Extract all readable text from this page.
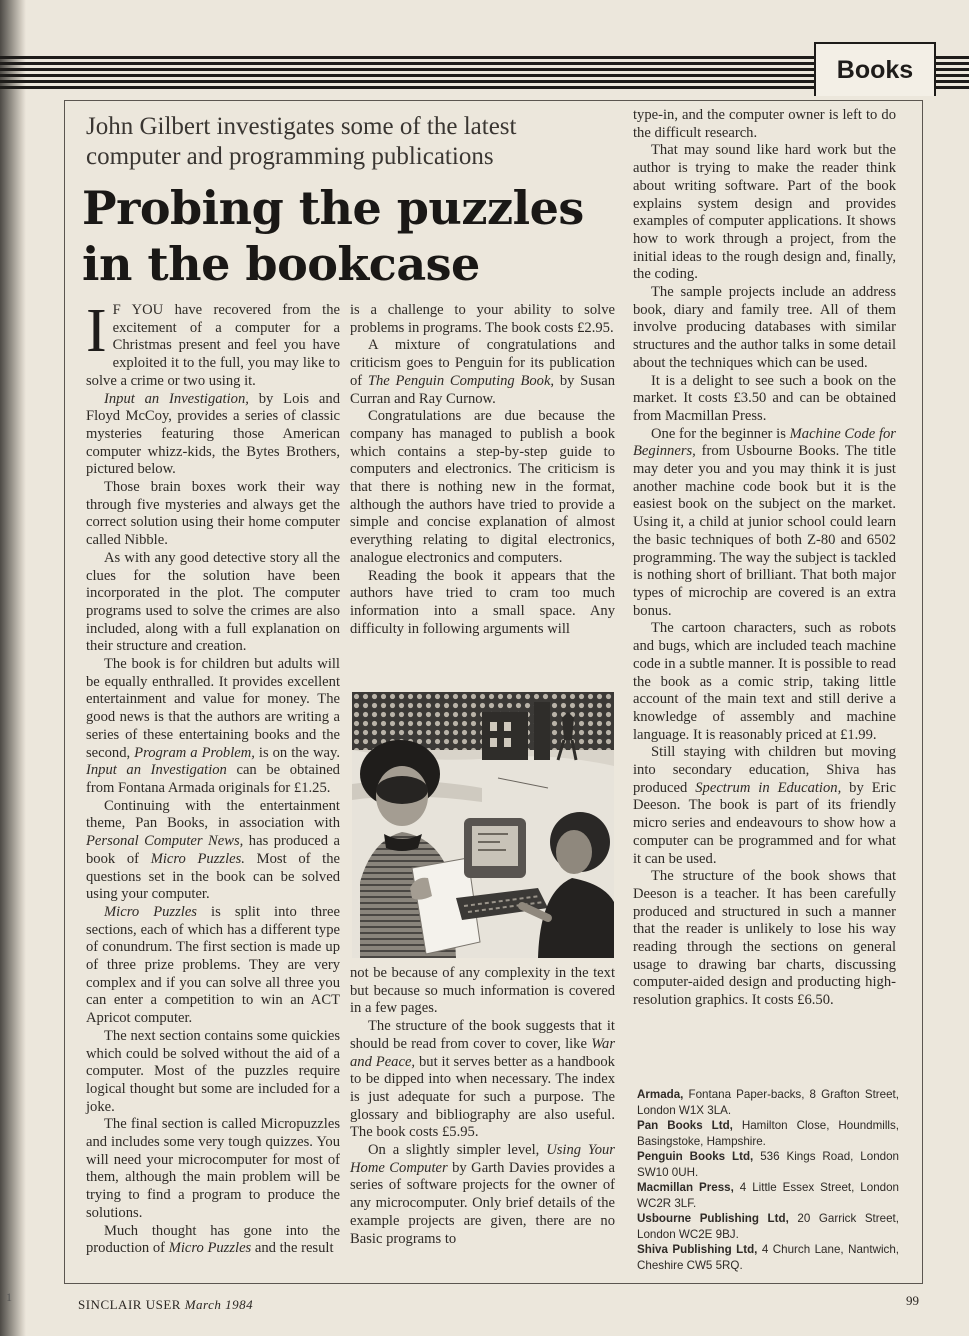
Books
John Gilbert investigates some of the latest computer and programming publications
Probing the puzzles
in the bookcase

I F YOU have recovered from the excitement of a computer for a Christmas present and feel you have exploited it to the full, you may like to solve a crime or two using it.

Input an Investigation, by Lois and Floyd McCoy, provides a series of classic mysteries featuring those American computer whizz-kids, the Bytes Brothers, pictured below.

Those brain boxes work their way through five mysteries and always get the correct solution using their home computer called Nibble.

As with any good detective story all the clues for the solution have been incorporated in the plot. The computer programs used to solve the crimes are also included, along with a full explanation on their structure and creation.

The book is for children but adults will be equally enthralled. It provides excellent entertainment and value for money. The good news is that the authors are writing a series of these entertaining books and the second, Program a Problem, is on the way. Input an Investigation can be obtained from Fontana Armada originals for £1.25.

Continuing with the entertainment theme, Pan Books, in association with Personal Computer News, has produced a book of Micro Puzzles. Most of the questions set in the book can be solved using your computer.

Micro Puzzles is split into three sections, each of which has a different type of conundrum. The first section is made up of three prize problems. They are very complex and if you can solve all three you can enter a competition to win an ACT Apricot computer.

The next section contains some quickies which could be solved without the aid of a computer. Most of the puzzles require logical thought but some are included for a joke.

The final section is called Micropuzzles and includes some very tough quizzes. You will need your microcomputer for most of them, although the main problem will be trying to find a program to produce the solutions.

Much thought has gone into the production of Micro Puzzles and the result

is a challenge to your ability to solve problems in programs. The book costs £2.95.

A mixture of congratulations and criticism goes to Penguin for its publication of The Penguin Computing Book, by Susan Curran and Ray Curnow.

Congratulations are due because the company has managed to publish a book which contains a step-by-step guide to computers and electronics. The criticism is that there is nothing new in the format, although the authors have tried to provide a simple and concise explanation of almost everything relating to digital electronics, analogue electronics and computers.

Reading the book it appears that the authors have tried to cram too much information into a small space. Any difficulty in following arguments will

not be because of any complexity in the text but because so much information is covered in a few pages.

The structure of the book suggests that it should be read from cover to cover, like War and Peace, but it serves better as a handbook to be dipped into when necessary. The index is just adequate for such a purpose. The glossary and bibliography are also useful. The book costs £5.95.

On a slightly simpler level, Using Your Home Computer by Garth Davies provides a series of software projects for the owner of any microcomputer. Only brief details of the example projects are given, there are no Basic programs to

type-in, and the computer owner is left to do the difficult research.

That may sound like hard work but the author is trying to make the reader think about writing software. Part of the book explains system design and provides examples of computer applications. It shows how to work through a project, from the initial ideas to the rough design and, finally, the coding.

The sample projects include an address book, diary and family tree. All of them involve producing databases with similar structures and the author talks in some detail about the techniques which can be used.

It is a delight to see such a book on the market. It costs £3.50 and can be obtained from Macmillan Press.

One for the beginner is Machine Code for Beginners, from Usbourne Books. The title may deter you and you may think it is just another machine code book but it is the easiest book on the subject on the market. Using it, a child at junior school could learn the basic techniques of both Z-80 and 6502 programming. The way the subject is tackled is nothing short of brilliant. That both major types of microchip are covered is an extra bonus.

The cartoon characters, such as robots and bugs, which are included teach machine code in a subtle manner. It is possible to read the book as a comic strip, taking little account of the main text and still derive a knowledge of assembly and machine language. It is reasonably priced at £1.99.

Still staying with children but moving into secondary education, Shiva has produced Spectrum in Education, by Eric Deeson. The book is part of its friendly micro series and endeavours to show how a computer can be programmed and for what it can be used.

The structure of the book shows that Deeson is a teacher. It has been carefully produced and structured in such a manner that the reader is unlikely to lose his way reading through the sections on general usage to drawing bar charts, discussing computer-aided design and producting high-resolution graphics. It costs £6.50.

Armada, Fontana Paper-backs, 8 Grafton Street, London W1X 3LA.
Pan Books Ltd, Hamilton Close, Houndmills, Basingstoke, Hampshire.
Penguin Books Ltd, 536 Kings Road, London SW10 0UH.
Macmillan Press, 4 Little Essex Street, London WC2R 3LF.
Usbourne Publishing Ltd, 20 Garrick Street, London WC2E 9BJ.
Shiva Publishing Ltd, 4 Church Lane, Nantwich, Cheshire CW5 5RQ.
SINCLAIR USER March 1984	99
1
